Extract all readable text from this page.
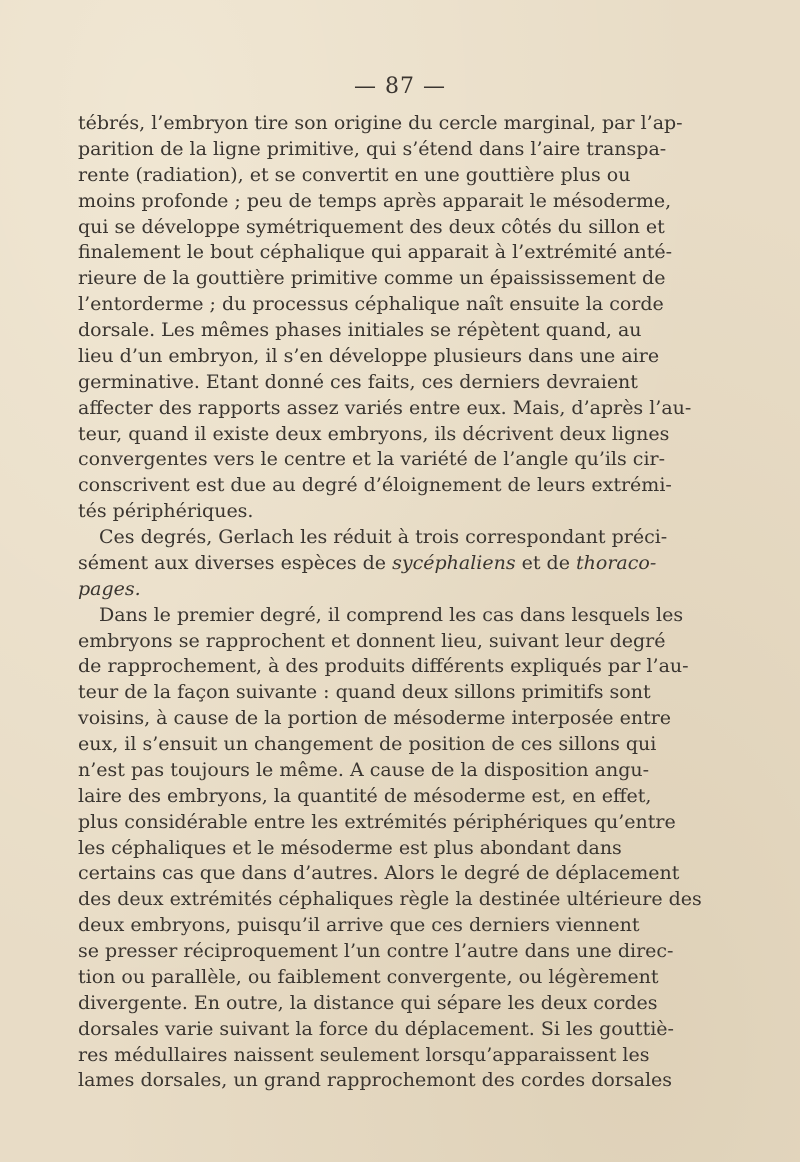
— 87 —
tébrés, l’embryon tire son origine du cercle marginal, par l’ap-
parition de la ligne primitive, qui s’étend dans l’aire transpa-
rente (radiation), et se convertit en une gouttière plus ou
moins profonde ; peu de temps après apparait le mésoderme,
qui se développe symétriquement des deux côtés du sillon et
finalement le bout céphalique qui apparait à l’extrémité anté-
rieure de la gouttière primitive comme un épaississement de
l’entorderme ; du processus céphalique naît ensuite la corde
dorsale. Les mêmes phases initiales se répètent quand, au
lieu d’un embryon, il s’en développe plusieurs dans une aire
germinative. Etant donné ces faits, ces derniers devraient
affecter des rapports assez variés entre eux. Mais, d’après l’au-
teur, quand il existe deux embryons, ils décrivent deux lignes
convergentes vers le centre et la variété de l’angle qu’ils cir-
conscrivent est due au degré d’éloignement de leurs extrémi-
tés périphériques.
Ces degrés, Gerlach les réduit à trois correspondant préci-
sément aux diverses espèces de sycéphaliens et de thoraco-
pages.
Dans le premier degré, il comprend les cas dans lesquels les
embryons se rapprochent et donnent lieu, suivant leur degré
de rapprochement, à des produits différents expliqués par l’au-
teur de la façon suivante : quand deux sillons primitifs sont
voisins, à cause de la portion de mésoderme interposée entre
eux, il s’ensuit un changement de position de ces sillons qui
n’est pas toujours le même. A cause de la disposition angu-
laire des embryons, la quantité de mésoderme est, en effet,
plus considérable entre les extrémités périphériques qu’entre
les céphaliques et le mésoderme est plus abondant dans
certains cas que dans d’autres. Alors le degré de déplacement
des deux extrémités céphaliques règle la destinée ultérieure des
deux embryons, puisqu’il arrive que ces derniers viennent
se presser réciproquement l’un contre l’autre dans une direc-
tion ou parallèle, ou faiblement convergente, ou légèrement
divergente. En outre, la distance qui sépare les deux cordes
dorsales varie suivant la force du déplacement. Si les gouttiè-
res médullaires naissent seulement lorsqu’apparaissent les
lames dorsales, un grand rapprochemont des cordes dorsales
